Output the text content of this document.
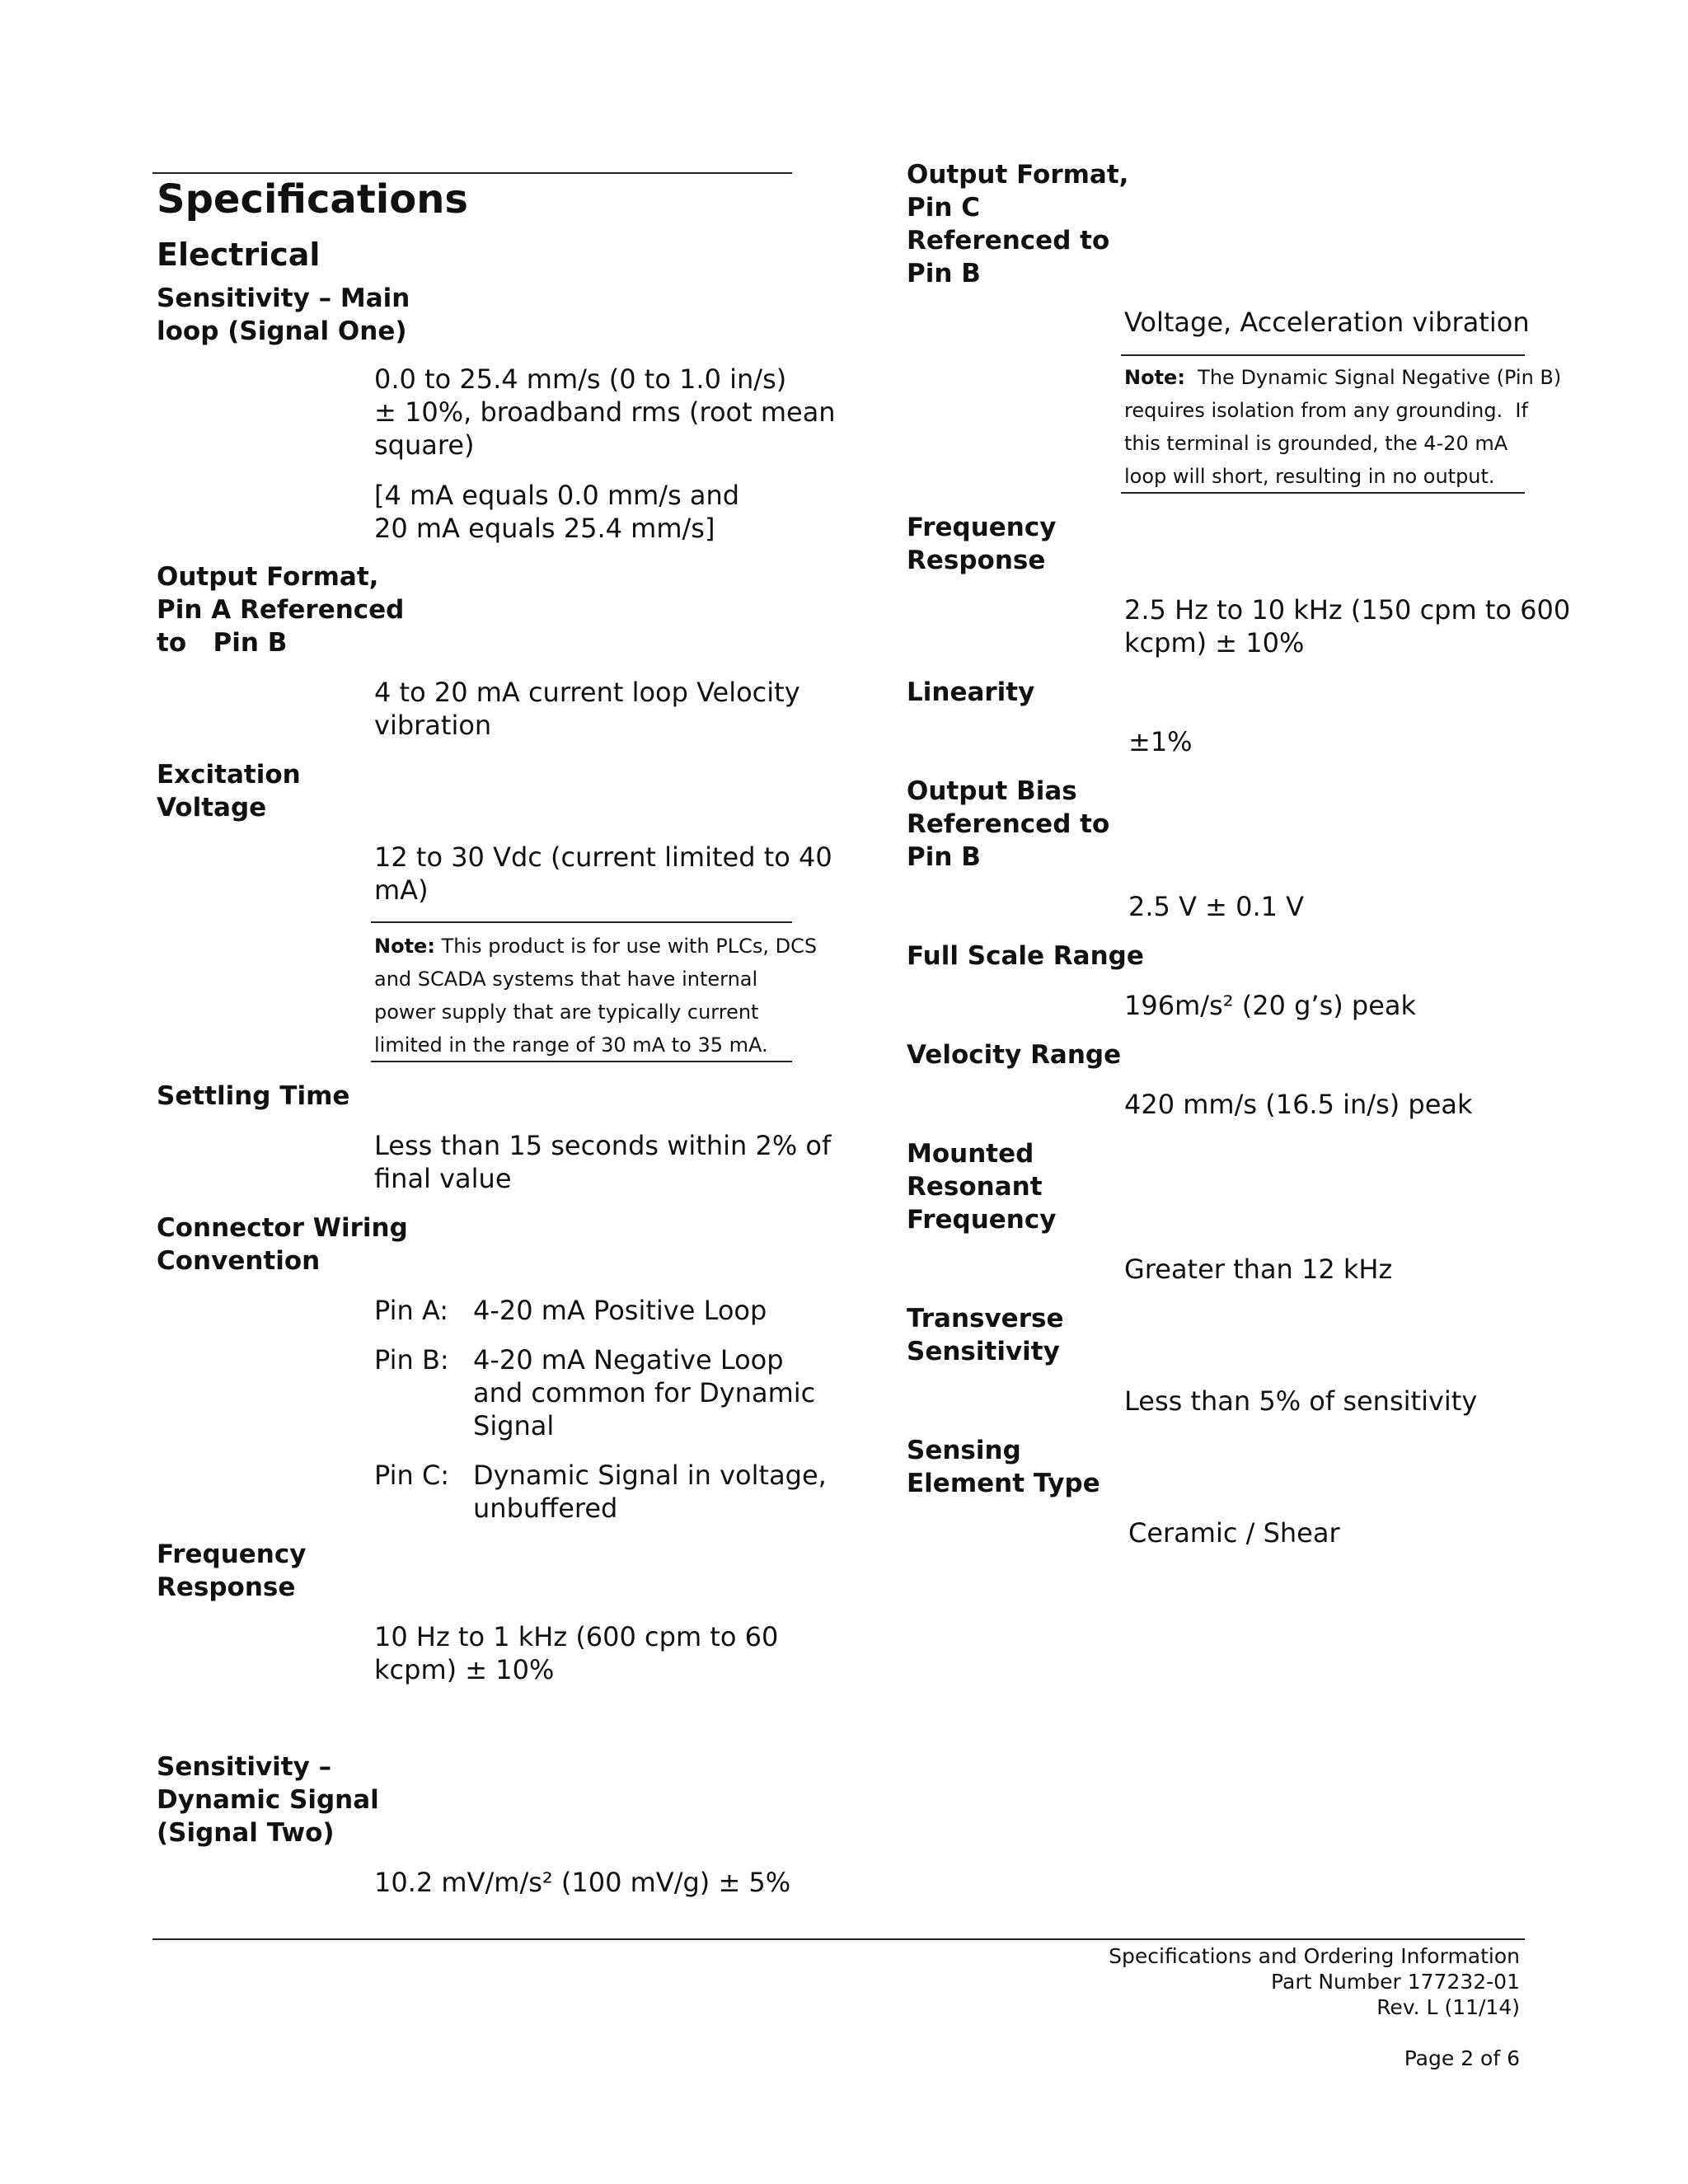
Specifications
Electrical
Sensitivity – Main
loop (Signal One)
0.0 to 25.4 mm/s (0 to 1.0 in/s)
± 10%, broadband rms (root mean
square)
[4 mA equals 0.0 mm/s and
20 mA equals 25.4 mm/s]
Output Format,
Pin A Referenced
to   Pin B
4 to 20 mA current loop Velocity
vibration
Excitation
Voltage
12 to 30 Vdc (current limited to 40
mA)
Note: This product is for use with PLCs, DCS
and SCADA systems that have internal
power supply that are typically current
limited in the range of 30 mA to 35 mA.
Settling Time
Less than 15 seconds within 2% of
final value
Connector Wiring
Convention
Pin A: 4-20 mA Positive Loop
Pin B: 4-20 mA Negative Loop
and common for Dynamic
Signal
Pin C: Dynamic Signal in voltage,
unbuffered
Frequency
Response
10 Hz to 1 kHz (600 cpm to 60
kcpm) ± 10%
Sensitivity –
Dynamic Signal
(Signal Two)
10.2 mV/m/s² (100 mV/g) ± 5%
Output Format,
Pin C
Referenced to
Pin B
Voltage, Acceleration vibration
Note:  The Dynamic Signal Negative (Pin B)
requires isolation from any grounding.  If
this terminal is grounded, the 4-20 mA
loop will short, resulting in no output.
Frequency
Response
2.5 Hz to 10 kHz (150 cpm to 600
kcpm) ± 10%
Linearity
±1%
Output Bias
Referenced to
Pin B
2.5 V ± 0.1 V
Full Scale Range
196m/s² (20 g’s) peak
Velocity Range
420 mm/s (16.5 in/s) peak
Mounted
Resonant
Frequency
Greater than 12 kHz
Transverse
Sensitivity
Less than 5% of sensitivity
Sensing
Element Type
Ceramic / Shear
Specifications and Ordering Information
Part Number 177232-01
Rev. L (11/14)
Page 2 of 6
